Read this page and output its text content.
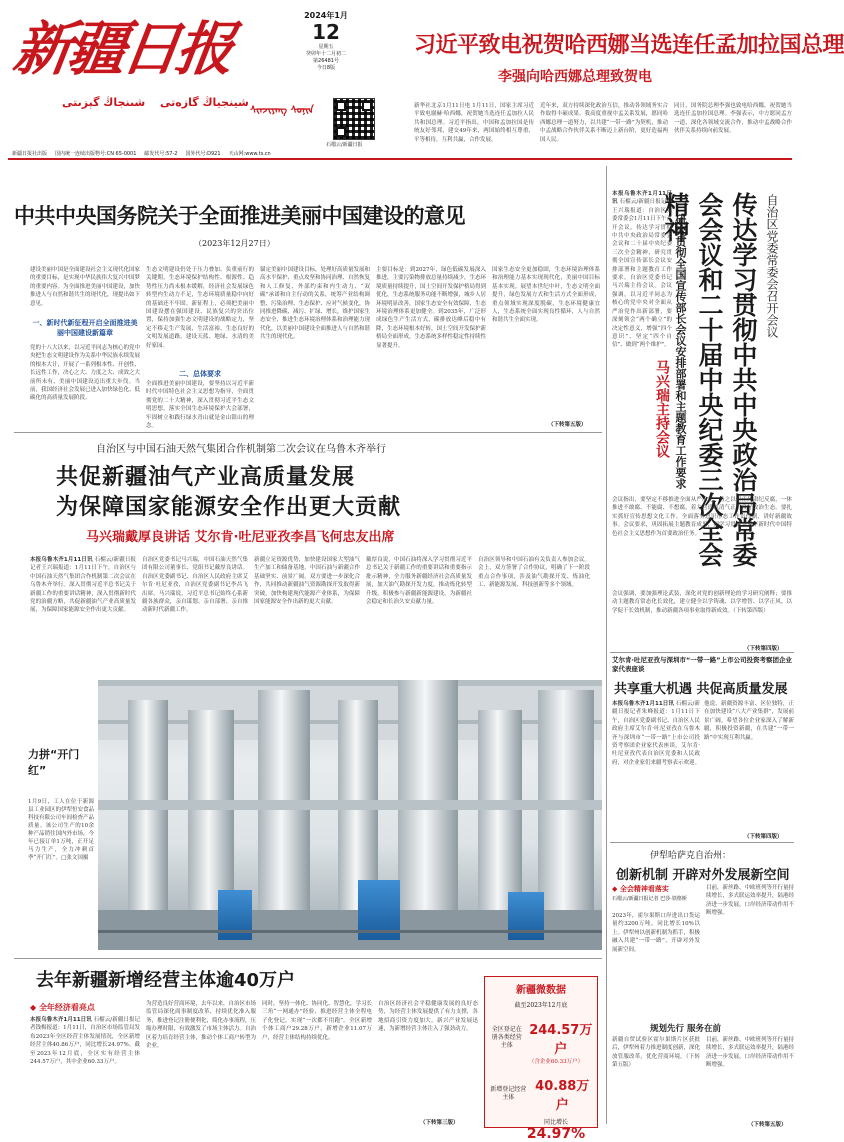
新疆日报
شىنجاڭ گېزىتى شينجياڭ گازەتى
ᠰᠢᠨᠵᠢᠶᠠᠩ ᠰᠣᠨᠢᠨ
2024年1月
12
星期五
癸卯年十二月初二
第26481号
今日8版
石榴云/新疆日报
习近平致电祝贺哈西娜当选连任孟加拉国总理
李强向哈西娜总理致贺电
新华社北京1月11日电 1月11日，国家主席习近平致电谢赫·哈西娜，祝贺她当选连任孟加拉人民共和国总理。习近平指出，中国和孟加拉国是传统友好邻邦，建交49年来，两国始终相互尊重、平等相待，互利共赢，合作发展。
近年来，双方持续深化政治互信，推动各领域务实合作取得丰硕成果。我高度重视中孟关系发展，愿同哈西娜总理一道努力，以共建“一带一路”为契机，推动中孟战略合作伙伴关系不断迈上新台阶，更好造福两国人民。
同日，国务院总理李强也致电哈西娜，祝贺她当选连任孟加拉国总理。李强表示，中方愿同孟方一道，深化各领域交流合作，推动中孟战略合作伙伴关系持续向前发展。
新疆日报社出版 国内统一连续出版物号:CN 65-0001 邮发代号:57-2 国外代号:D921 天山网:www.ts.cn
中共中央国务院关于全面推进美丽中国建设的意见
（2023年12月27日）
建设美丽中国是全面建设社会主义现代化国家的重要目标，是实现中华民族伟大复兴中国梦的重要内容。为全面推进美丽中国建设，加快推进人与自然和谐共生的现代化，现提出如下意见。
一、新时代新征程开启全面推进美丽中国建设新篇章
党的十八大以来，以习近平同志为核心的党中央把生态文明建设作为关系中华民族永续发展的根本大计，开展了一系列根本性、开创性、长远性工作，决心之大、力度之大、成效之大前所未有，美丽中国建设迈出重大步伐。当前，我国经济社会发展已进入加快绿色化、低碳化的高质量发展阶段。
生态文明建设仍处于压力叠加、负重前行的关键期，生态环境保护结构性、根源性、趋势性压力尚未根本缓解，经济社会发展绿色转型内生动力不足，生态环境质量稳中向好的基础还不牢固。新征程上，必须把美丽中国建设摆在强国建设、民族复兴的突出位置，保持加强生态文明建设的战略定力，坚定不移走生产发展、生活富裕、生态良好的文明发展道路，建设天蓝、地绿、水清的美好家园。
二、总体要求
全面推进美丽中国建设，要坚持以习近平新时代中国特色社会主义思想为指导，全面贯彻党的二十大精神，深入贯彻习近平生态文明思想，落实全国生态环境保护大会部署，牢固树立和践行绿水青山就是金山银山的理念。
锚定美丽中国建设目标，处理好高质量发展和高水平保护、重点攻坚和协同治理、自然恢复和人工修复、外部约束和内生动力、“双碳”承诺和自主行动的关系，统筹产业结构调整、污染治理、生态保护、应对气候变化，协同推进降碳、减污、扩绿、增长，维护国家生态安全，推进生态环境治理体系和治理能力现代化，以美丽中国建设全面推进人与自然和谐共生的现代化。
主要目标是：到2027年，绿色低碳发展深入推进，主要污染物排放总量持续减少，生态环境质量持续提升，国土空间开发保护格局得到优化，生态系统服务功能不断增强，城乡人居环境明显改善，国家生态安全有效保障，生态环境治理体系更加健全。到2035年，广泛形成绿色生产生活方式，碳排放达峰后稳中有降，生态环境根本好转，国土空间开发保护新格局全面形成，生态系统多样性稳定性持续性显著提升。
国家生态安全更加稳固，生态环境治理体系和治理能力基本实现现代化，美丽中国目标基本实现。展望本世纪中叶，生态文明全面提升，绿色发展方式和生活方式全面形成，重点领域实现深度脱碳，生态环境健康宜人，生态系统全面实现良性循环，人与自然和谐共生全面实现。
（下转第五版）
自治区与中国石油天然气集团合作机制第二次会议在乌鲁木齐举行
共促新疆油气产业高质量发展
为保障国家能源安全作出更大贡献
马兴瑞戴厚良讲话 艾尔肯·吐尼亚孜李昌飞何忠友出席
本报乌鲁木齐1月11日讯 石榴云/新疆日报记者王兴瑞报道：1月11日下午，自治区与中国石油天然气集团合作机制第二次会议在乌鲁木齐举行。深入贯彻习近平总书记关于新疆工作的重要讲话精神，深入贯彻新时代党的治疆方略，共促新疆油气产业高质量发展，为保障国家能源安全作出更大贡献。
自治区党委书记马兴瑞，中国石油天然气集团有限公司董事长、党组书记戴厚良讲话。自治区党委副书记、自治区人民政府主席艾尔肯·吐尼亚孜，自治区党委副书记李昌飞出席。马兴瑞说，习近平总书记始终心系新疆各族群众，亲自谋划、亲自部署、亲自推动新时代新疆工作。
新疆立足资源优势，加快建设国家大型油气生产加工和储备基地，中国石油与新疆合作基础坚实、前景广阔。双方要进一步深化合作，共同推动新疆油气资源勘探开发取得新突破，加快构建现代能源产业体系，为保障国家能源安全作出新的更大贡献。
戴厚良说，中国石油将深入学习贯彻习近平总书记关于新疆工作的重要讲话和重要指示批示精神，全力服务新疆经济社会高质量发展，加大油气勘探开发力度，推动炼化转型升级，积极参与新疆新能源建设，为新疆社会稳定和长治久安贡献力量。
自治区领导和中国石油有关负责人参加会议。会上，双方签署了合作协议，明确了下一阶段重点合作事项，涉及油气勘探开发、炼油化工、新能源发展、科技创新等多个领域。
力拼“开门红”
1月9日，工人在位于新源县工业园区的伊犁恒安食品科技有限公司车间检查产品质量。该公司生产的10余种产品销往国内外市场，今年已接订单1万吨，正开足马力生产，全力冲刺首季“开门红”。□张文国摄
去年新疆新增经营主体逾40万户
◆ 全年经济看亮点
本报乌鲁木齐1月11日讯 石榴云/新疆日报记者钱梅报道：1月11日，自治区市场监管局发布2023年全区经营主体发展情况，全区新增经营主体40.86万户，同比增长24.97%。截至2023年12月底，全区实有经营主体244.57万户，其中企业60.33万户。
为营造良好营商环境，去年以来，自治区市场监管局深化商事制度改革，持续优化准入服务，推进登记注册便利化，简化办事流程，压缩办理时限，有效激发了市场主体活力。自治区着力培育经营主体，推动个体工商户转型为企业。
同时，坚持一体化、协同化、智慧化，学习长三角“一网通办”经验，推进经营主体全程电子化登记，实现“一次都不用跑”。全区新增个体工商户29.28万户，新增企业11.07万户，经营主体结构持续优化。
自治区经济社会平稳健康发展的良好态势，为经营主体发展提供了有力支撑，各地招商引资力度加大，新兴产业发展迅速，为新增经营主体注入了强劲动力。
（下转第三版）
新疆微数据
截至2023年12月底
全区登记在册各类经营主体
244.57万户
（含企业60.33万户）
新增登记经营主体
40.88万户
同比增长
24.97%
自治区党委常委会召开会议
传达学习贯彻中共中央政治局常委会会议和二十届中央纪委三次全会精神
研究贯彻全国宣传部长会议安排部署和主题教育工作要求
马兴瑞主持会议
本报乌鲁木齐1月11日讯 石榴云/新疆日报记者王兴瑞报道：自治区党委常委会1月11日下午召开会议，传达学习贯彻中共中央政治局常委会会议和二十届中央纪委三次全会精神，研究贯彻全国宣传部长会议安排部署和主题教育工作要求。自治区党委书记马兴瑞主持会议。会议强调，以习近平同志为核心的党中央对全面从严治党作出新部署，要深刻领会“两个确立”的决定性意义，增强“四个意识”、坚定“四个自信”、做到“两个维护”。
会议指出，要坚定不移推进全面从严治党，持之以恒正风肃纪反腐，一体推进不敢腐、不能腐、不想腐，着力营造风清气正的良好政治生态。要扎实抓好宣传思想文化工作，全面落实意识形态工作责任制，讲好新疆故事。会议要求，巩固拓展主题教育成果，把学习贯彻习近平新时代中国特色社会主义思想作为首要政治任务。
会议强调，要加强理论武装，深化对党的创新理论的学习研究阐释；要推动主题教育常态化长效化，建立健全以学铸魂、以学增智、以学正风、以学促干长效机制，推动新疆各项事业取得新成效。（下转第四版）
（下转第四版）
艾尔肯·吐尼亚孜与深圳市“一带一路”上市公司投资考察团企业家代表座谈
共享重大机遇 共促高质量发展
本报乌鲁木齐1月11日讯 石榴云/新疆日报记者朱峰报道：1月11日下午，自治区党委副书记、自治区人民政府主席艾尔肯·吐尼亚孜在乌鲁木齐与深圳市“一带一路”上市公司投资考察团企业家代表座谈。艾尔肯·吐尼亚孜代表自治区党委和人民政府，对企业家们来疆考察表示欢迎。
他说，新疆资源丰富、区位独特，正在加快建设“八大产业集群”，发展前景广阔。希望各位企业家深入了解新疆，积极投资新疆，在共建“一带一路”中实现互利共赢。
（下转第四版）
伊犁哈萨克自治州：
创新机制 开辟对外发展新空间
◆ 全会精神看落实
石榴云/新疆日报记者 巴莎·铁格斯
2023年，霍尔果斯口岸进出口货运量约3200万吨，同比增长10%以上。伊犁州以创新机制为抓手，积极融入共建“一带一路”，开辟对外发展新空间。
目前，新丝路、中欧班列等开行量持续增长，多式联运效率提升，陆港经济进一步发展，口岸经济带动作用不断增强。
规划先行 服务在前
新疆自贸试验区霍尔果斯片区获批后，伊犁州着力推进制度创新，深化放管服改革，优化营商环境。（下转第五版）
目前，新丝路、中欧班列等开行量持续增长，多式联运效率提升，陆港经济进一步发展，口岸经济带动作用不断增强。
（下转第五版）
